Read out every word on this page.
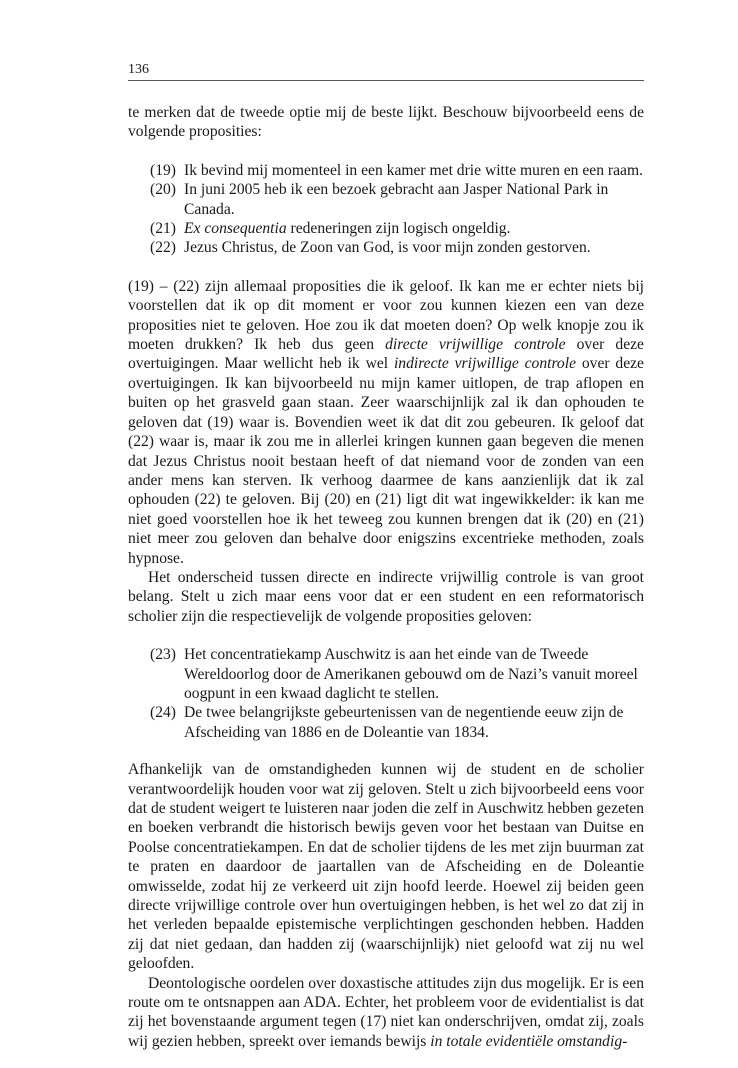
136

te merken dat de tweede optie mij de beste lijkt. Beschouw bijvoorbeeld eens de volgende proposities:

(19) Ik bevind mij momenteel in een kamer met drie witte muren en een raam.
(20) In juni 2005 heb ik een bezoek gebracht aan Jasper National Park in Canada.
(21) Ex consequentia redeneringen zijn logisch ongeldig.
(22) Jezus Christus, de Zoon van God, is voor mijn zonden gestorven.

(19) – (22) zijn allemaal proposities die ik geloof. Ik kan me er echter niets bij voorstellen dat ik op dit moment er voor zou kunnen kiezen een van deze proposities niet te geloven. Hoe zou ik dat moeten doen? Op welk knopje zou ik moeten drukken? Ik heb dus geen directe vrijwillige controle over deze overtuigingen. Maar wellicht heb ik wel indirecte vrijwillige controle over deze overtuigingen. Ik kan bijvoorbeeld nu mijn kamer uitlopen, de trap aflopen en buiten op het grasveld gaan staan. Zeer waarschijnlijk zal ik dan ophouden te geloven dat (19) waar is. Bovendien weet ik dat dit zou gebeuren. Ik geloof dat (22) waar is, maar ik zou me in allerlei kringen kunnen gaan begeven die menen dat Jezus Christus nooit bestaan heeft of dat niemand voor de zonden van een ander mens kan sterven. Ik verhoog daarmee de kans aanzienlijk dat ik zal ophouden (22) te geloven. Bij (20) en (21) ligt dit wat ingewikkelder: ik kan me niet goed voorstellen hoe ik het teweeg zou kunnen brengen dat ik (20) en (21) niet meer zou geloven dan behalve door enigszins excentrieke methoden, zoals hypnose.

Het onderscheid tussen directe en indirecte vrijwillig controle is van groot belang. Stelt u zich maar eens voor dat er een student en een reformatorisch scholier zijn die respectievelijk de volgende proposities geloven:

(23) Het concentratiekamp Auschwitz is aan het einde van de Tweede Wereldoorlog door de Amerikanen gebouwd om de Nazi’s vanuit moreel oogpunt in een kwaad daglicht te stellen.
(24) De twee belangrijkste gebeurtenissen van de negentiende eeuw zijn de Afscheiding van 1886 en de Doleantie van 1834.

Afhankelijk van de omstandigheden kunnen wij de student en de scholier verantwoordelijk houden voor wat zij geloven. Stelt u zich bijvoorbeeld eens voor dat de student weigert te luisteren naar joden die zelf in Auschwitz hebben gezeten en boeken verbrandt die historisch bewijs geven voor het bestaan van Duitse en Poolse concentratiekampen. En dat de scholier tijdens de les met zijn buurman zat te praten en daardoor de jaartallen van de Afscheiding en de Doleantie omwisselde, zodat hij ze verkeerd uit zijn hoofd leerde. Hoewel zij beiden geen directe vrijwillige controle over hun overtuigingen hebben, is het wel zo dat zij in het verleden bepaalde epistemische verplichtingen geschonden hebben. Hadden zij dat niet gedaan, dan hadden zij (waarschijnlijk) niet geloofd wat zij nu wel geloofden.

Deontologische oordelen over doxastische attitudes zijn dus mogelijk. Er is een route om te ontsnappen aan ADA. Echter, het probleem voor de evidentialist is dat zij het bovenstaande argument tegen (17) niet kan onderschrijven, omdat zij, zoals wij gezien hebben, spreekt over iemands bewijs in totale evidentiële omstandig-
